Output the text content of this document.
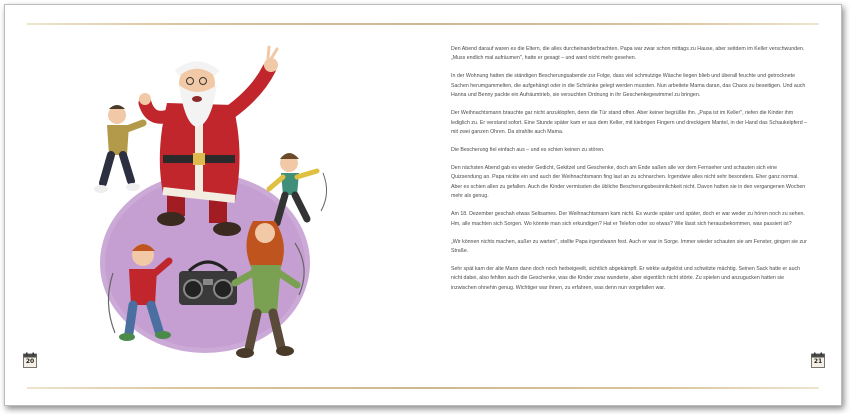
Den Abend darauf waren es die Eltern, die alles durcheinanderbrachten. Papa war zwar schon mittags zu Hause, aber seitdem im Keller verschwunden. „Muss endlich mal aufräumen", hatte er gesagt – und ward nicht mehr gesehen.

In der Wohnung hatten die ständigen Bescherungsabende zur Folge, dass viel schmutzige Wäsche liegen blieb und überall feuchte und getrocknete Sachen herumgammelten, die aufgehängt oder in die Schränke gelegt werden mussten. Nun arbeitete Mama daran, das Chaos zu beseitigen. Und auch Hanna und Benny packte ein Aufräumtrieb, sie versuchten Ordnung in ihr Geschenkegewimmel zu bringen.

Der Weihnachtsmann brauchte gar nicht anzuklopfen, denn die Tür stand offen. Aber keiner begrüßte ihn. „Papa ist im Keller", riefen die Kinder ihm lediglich zu. Er verstand sofort. Eine Stunde später kam er aus dem Keller, mit kiebrigen Fingern und dreckigem Mantel, in der Hand das Schaukelpferd – mit zwei ganzen Ohren. Da strahlte auch Mama.

Die Bescherung fiel einfach aus – und es schien keinen zu stören.

Den nächsten Abend gab es wieder Gedicht, Gekitzel und Geschenke, doch am Ende saßen alle vor dem Fernseher und schauten sich eine Quizsendung an. Papa nickte ein und auch der Weihnachtsmann fing laut an zu schnarchen. Irgendwie alles nicht sehr besonders. Eher ganz normal. Aber es schien allen zu gefallen. Auch die Kinder vermissten die übliche Bescherungsbesinnlichkeit nicht. Davon hatten sie in den vergangenen Wochen mehr als genug.

Am 18. Dezember geschah etwas Seltsames. Der Weihnachtsmann kam nicht. Es wurde später und später, doch er war weder zu hören noch zu sehen. Hm, alle machten sich Sorgen. Wo könnte man sich erkundigen? Hat er Telefon oder so etwas? Wie lässt sich herausbekommen, was passiert ist?

„Wir können nichts machen, außer zu warten", stellte Papa irgendwann fest. Auch er war in Sorge. Immer wieder schauten sie am Fenster, gingen sie zur Straße.

Sehr spät kam der alte Mann dann doch noch herbeigeeilt, sichtlich abgekämpft. Er wirkte aufgelöst und schwitzte mächtig. Seinen Sack hatte er auch nicht dabei, also fehlten auch die Geschenke, was die Kinder zwar wunderte, aber eigentlich nicht störte. Zu spielen und anzugucken hatten sie inzwischen ohnehin genug. Wichtiger war ihnen, zu erfahren, was denn nun vorgefallen war.

20	21
